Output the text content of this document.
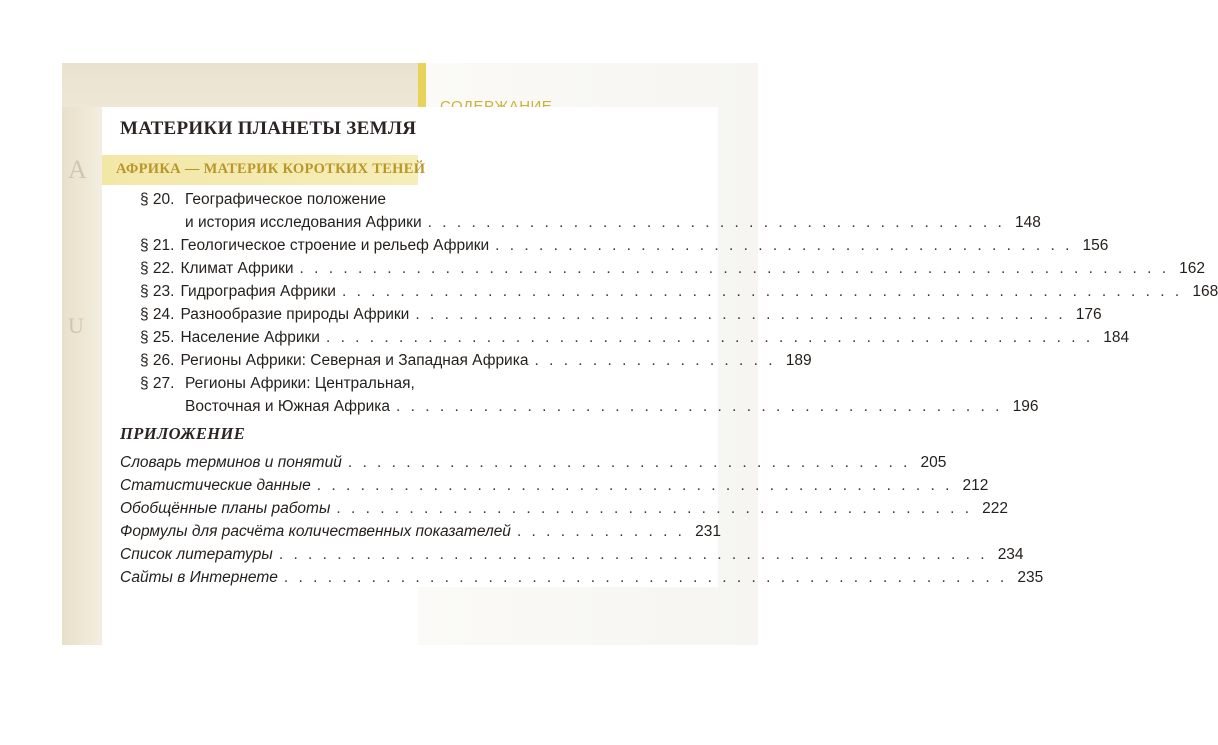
A
U
МАТЕРИКИ ПЛАНЕТЫ ЗЕМЛЯ
АФРИКА — МАТЕРИК КОРОТКИХ ТЕНЕЙ
§ 20. Географическое положение
и история исследования Африки . . . . . . . . . . . . . . . . . . . . . . . . . . . . . . . . . . . . . . . . 148
§ 21. Геологическое строение и рельеф Африки . . . . . . . . . . . . . . . . . . . . . . . . . . . . . . . . . . . . . . . . 156
§ 22. Климат Африки . . . . . . . . . . . . . . . . . . . . . . . . . . . . . . . . . . . . . . . . . . . . . . . . . . . . . . . . . . . . 162
§ 23. Гидрография Африки . . . . . . . . . . . . . . . . . . . . . . . . . . . . . . . . . . . . . . . . . . . . . . . . . . . . . . . . . . 168
§ 24. Разнообразие природы Африки . . . . . . . . . . . . . . . . . . . . . . . . . . . . . . . . . . . . . . . . . . . . . 176
§ 25. Население Африки . . . . . . . . . . . . . . . . . . . . . . . . . . . . . . . . . . . . . . . . . . . . . . . . . . . . . 184
§ 26. Регионы Африки: Северная и Западная Африка . . . . . . . . . . . . . . . . . 189
§ 27. Регионы Африки: Центральная,
Восточная и Южная Африка . . . . . . . . . . . . . . . . . . . . . . . . . . . . . . . . . . . . . . . . . . 196
ПРИЛОЖЕНИЕ
Словарь терминов и понятий . . . . . . . . . . . . . . . . . . . . . . . . . . . . . . . . . . . . . . . 205
Статистические данные . . . . . . . . . . . . . . . . . . . . . . . . . . . . . . . . . . . . . . . . . . . . 212
Обобщённые планы работы . . . . . . . . . . . . . . . . . . . . . . . . . . . . . . . . . . . . . . . . . . . . 222
Формулы для расчёта количественных показателей . . . . . . . . . . . . 231
Список литературы . . . . . . . . . . . . . . . . . . . . . . . . . . . . . . . . . . . . . . . . . . . . . . . . . 234
Сайты в Интернете . . . . . . . . . . . . . . . . . . . . . . . . . . . . . . . . . . . . . . . . . . . . . . . . . . 235
